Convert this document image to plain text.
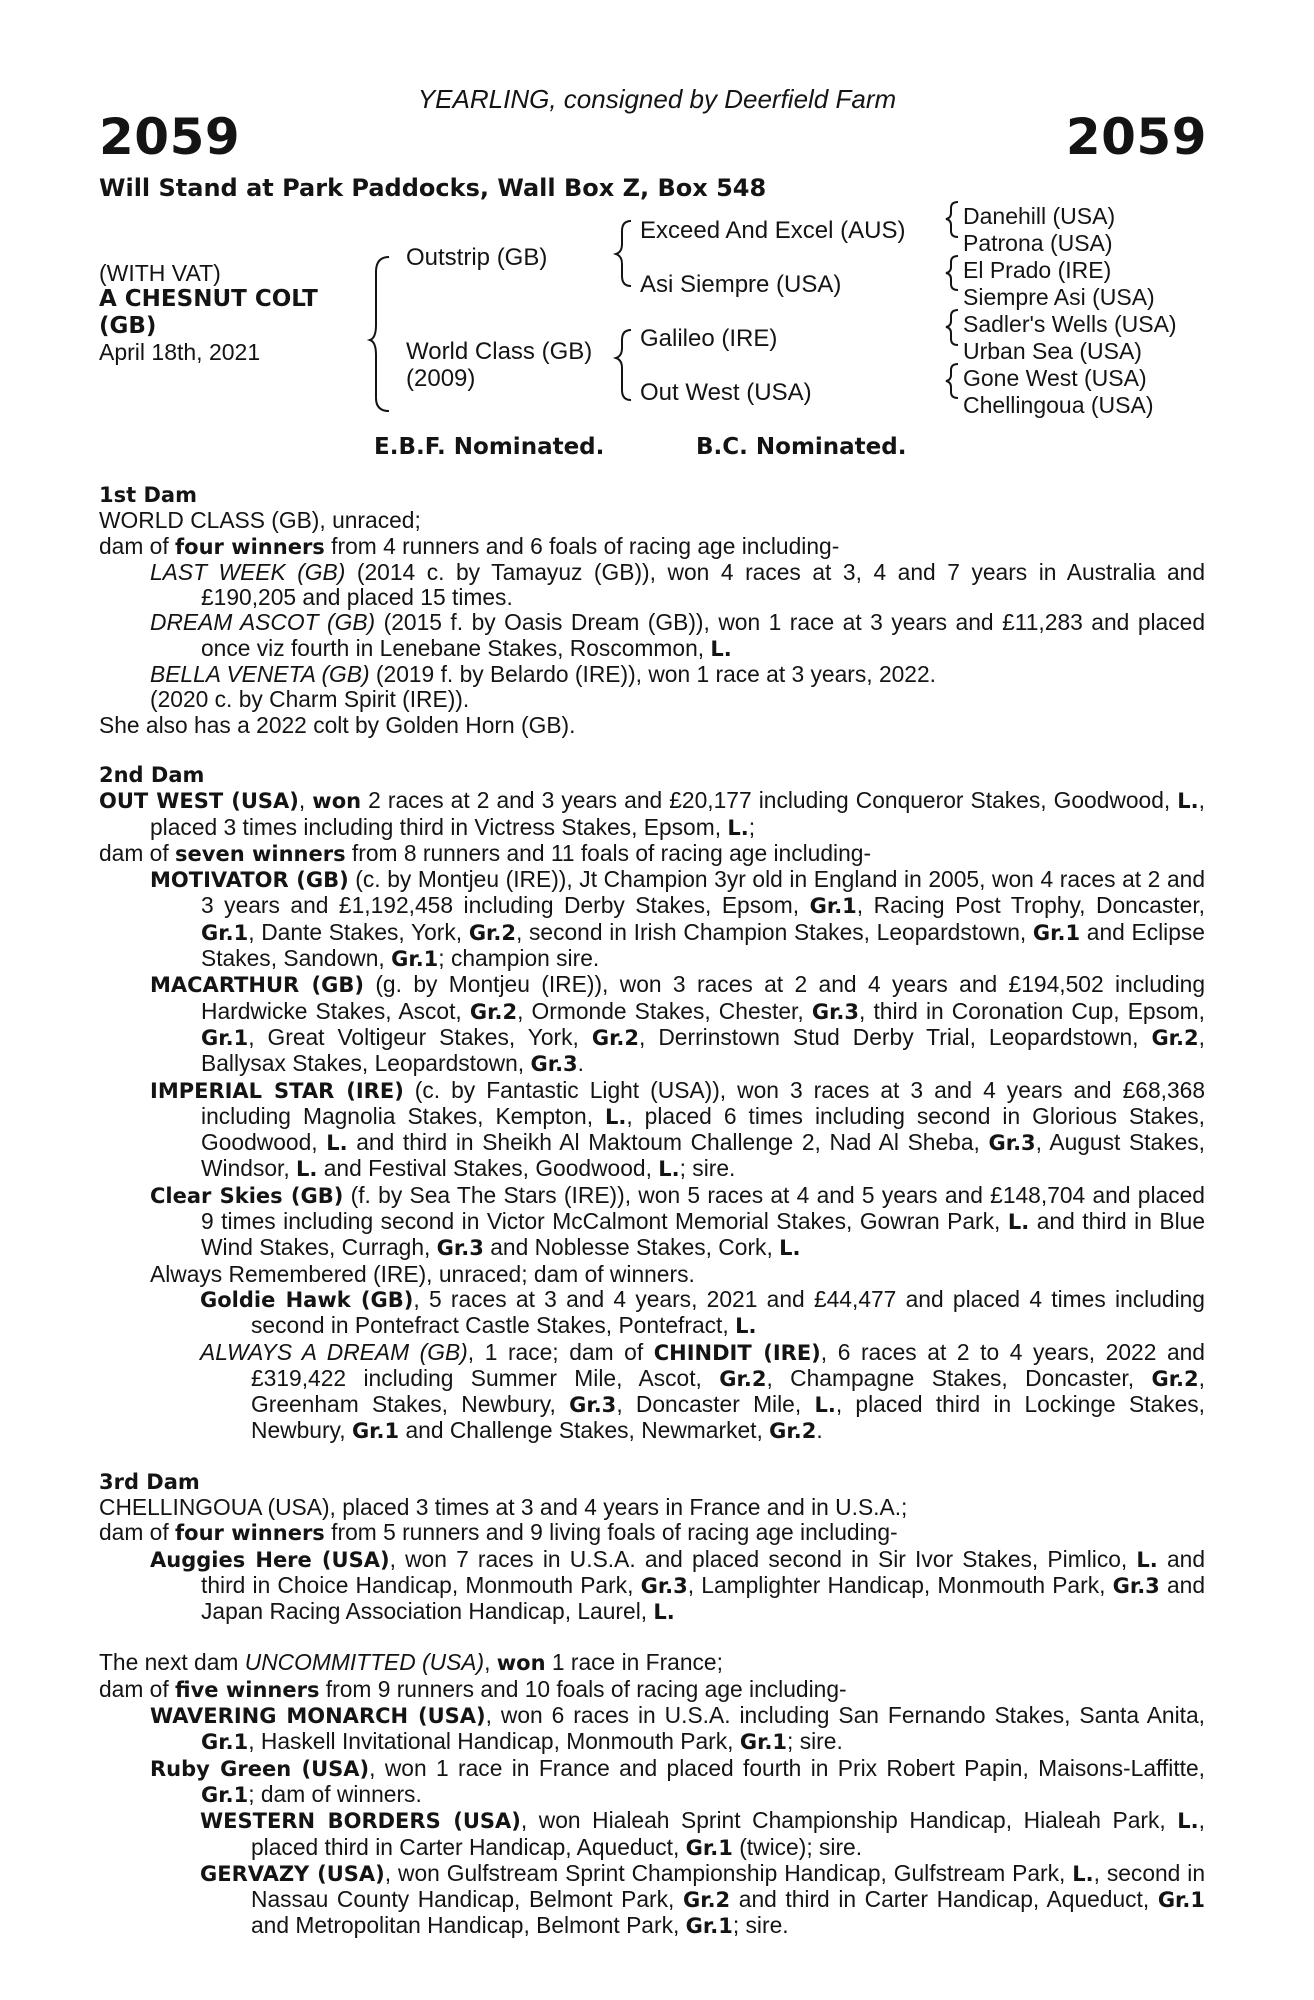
YEARLING, consigned by Deerfield Farm
2059	2059
Will Stand at Park Paddocks, Wall Box Z, Box 548
(WITH VAT)
A CHESNUT COLT
(GB)
April 18th, 2021
Outstrip (GB)
World Class (GB)
(2009)
Exceed And Excel (AUS)
Asi Siempre (USA)
Galileo (IRE)
Out West (USA)
Danehill (USA)
Patrona (USA)
El Prado (IRE)
Siempre Asi (USA)
Sadler's Wells (USA)
Urban Sea (USA)
Gone West (USA)
Chellingoua (USA)
E.B.F. Nominated.	B.C. Nominated.
1st Dam
WORLD CLASS (GB), unraced;
dam of four winners from 4 runners and 6 foals of racing age including-
LAST WEEK (GB) (2014 c. by Tamayuz (GB)), won 4 races at 3, 4 and 7 years in Australia and £190,205 and placed 15 times.
DREAM ASCOT (GB) (2015 f. by Oasis Dream (GB)), won 1 race at 3 years and £11,283 and placed once viz fourth in Lenebane Stakes, Roscommon, L.
BELLA VENETA (GB) (2019 f. by Belardo (IRE)), won 1 race at 3 years, 2022.
(2020 c. by Charm Spirit (IRE)).
She also has a 2022 colt by Golden Horn (GB).
2nd Dam
OUT WEST (USA), won 2 races at 2 and 3 years and £20,177 including Conqueror Stakes, Goodwood, L., placed 3 times including third in Victress Stakes, Epsom, L.;
dam of seven winners from 8 runners and 11 foals of racing age including-
MOTIVATOR (GB) (c. by Montjeu (IRE)), Jt Champion 3yr old in England in 2005, won 4 races at 2 and 3 years and £1,192,458 including Derby Stakes, Epsom, Gr.1, Racing Post Trophy, Doncaster, Gr.1, Dante Stakes, York, Gr.2, second in Irish Champion Stakes, Leopardstown, Gr.1 and Eclipse Stakes, Sandown, Gr.1; champion sire.
MACARTHUR (GB) (g. by Montjeu (IRE)), won 3 races at 2 and 4 years and £194,502 including Hardwicke Stakes, Ascot, Gr.2, Ormonde Stakes, Chester, Gr.3, third in Coronation Cup, Epsom, Gr.1, Great Voltigeur Stakes, York, Gr.2, Derrinstown Stud Derby Trial, Leopardstown, Gr.2, Ballysax Stakes, Leopardstown, Gr.3.
IMPERIAL STAR (IRE) (c. by Fantastic Light (USA)), won 3 races at 3 and 4 years and £68,368 including Magnolia Stakes, Kempton, L., placed 6 times including second in Glorious Stakes, Goodwood, L. and third in Sheikh Al Maktoum Challenge 2, Nad Al Sheba, Gr.3, August Stakes, Windsor, L. and Festival Stakes, Goodwood, L.; sire.
Clear Skies (GB) (f. by Sea The Stars (IRE)), won 5 races at 4 and 5 years and £148,704 and placed 9 times including second in Victor McCalmont Memorial Stakes, Gowran Park, L. and third in Blue Wind Stakes, Curragh, Gr.3 and Noblesse Stakes, Cork, L.
Always Remembered (IRE), unraced; dam of winners.
Goldie Hawk (GB), 5 races at 3 and 4 years, 2021 and £44,477 and placed 4 times including second in Pontefract Castle Stakes, Pontefract, L.
ALWAYS A DREAM (GB), 1 race; dam of CHINDIT (IRE), 6 races at 2 to 4 years, 2022 and £319,422 including Summer Mile, Ascot, Gr.2, Champagne Stakes, Doncaster, Gr.2, Greenham Stakes, Newbury, Gr.3, Doncaster Mile, L., placed third in Lockinge Stakes, Newbury, Gr.1 and Challenge Stakes, Newmarket, Gr.2.
3rd Dam
CHELLINGOUA (USA), placed 3 times at 3 and 4 years in France and in U.S.A.;
dam of four winners from 5 runners and 9 living foals of racing age including-
Auggies Here (USA), won 7 races in U.S.A. and placed second in Sir Ivor Stakes, Pimlico, L. and third in Choice Handicap, Monmouth Park, Gr.3, Lamplighter Handicap, Monmouth Park, Gr.3 and Japan Racing Association Handicap, Laurel, L.
The next dam UNCOMMITTED (USA), won 1 race in France;
dam of five winners from 9 runners and 10 foals of racing age including-
WAVERING MONARCH (USA), won 6 races in U.S.A. including San Fernando Stakes, Santa Anita, Gr.1, Haskell Invitational Handicap, Monmouth Park, Gr.1; sire.
Ruby Green (USA), won 1 race in France and placed fourth in Prix Robert Papin, Maisons-Laffitte, Gr.1; dam of winners.
WESTERN BORDERS (USA), won Hialeah Sprint Championship Handicap, Hialeah Park, L., placed third in Carter Handicap, Aqueduct, Gr.1 (twice); sire.
GERVAZY (USA), won Gulfstream Sprint Championship Handicap, Gulfstream Park, L., second in Nassau County Handicap, Belmont Park, Gr.2 and third in Carter Handicap, Aqueduct, Gr.1 and Metropolitan Handicap, Belmont Park, Gr.1; sire.
